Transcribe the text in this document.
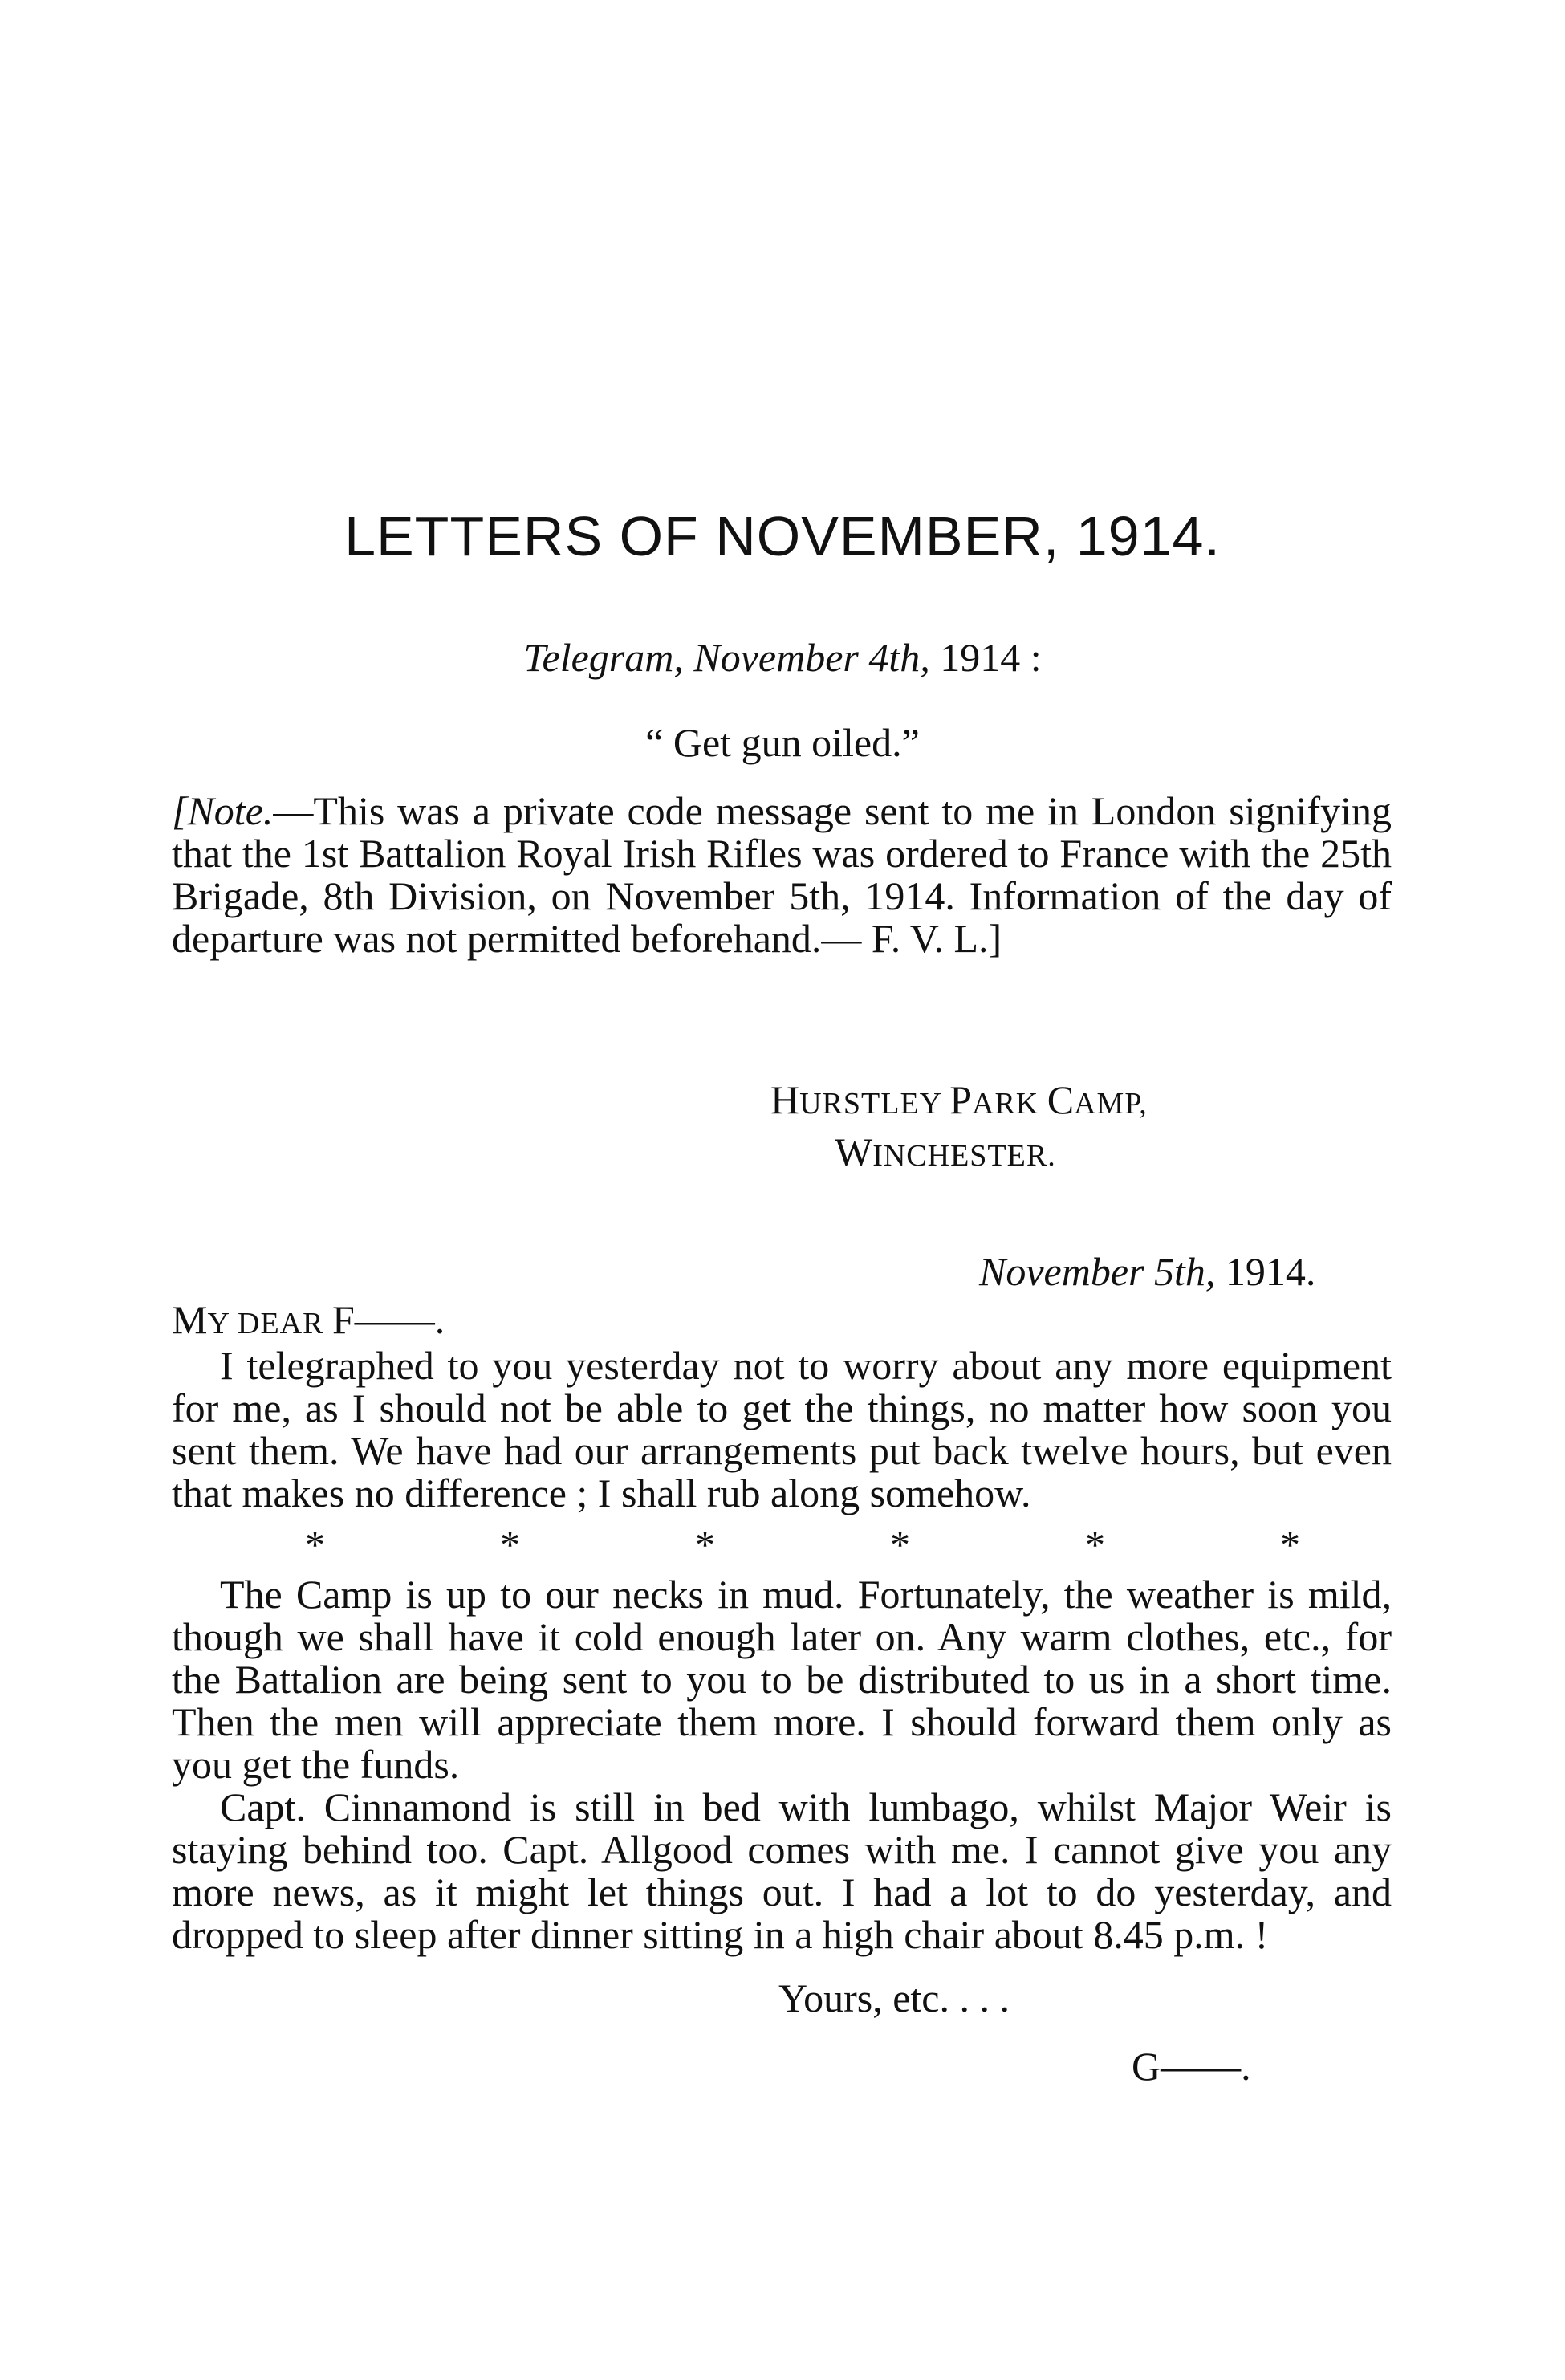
LETTERS OF NOVEMBER, 1914.
Telegram, November 4th, 1914 :
“ Get gun oiled.”
[Note.—This was a private code message sent to me in London signifying that the 1st Battalion Royal Irish Rifles was ordered to France with the 25th Brigade, 8th Division, on November 5th, 1914. Information of the day of departure was not permitted beforehand.— F. V. L.]
HURSTLEY PARK CAMP,
WINCHESTER.
November 5th, 1914.
MY DEAR F——.

I telegraphed to you yesterday not to worry about any more equipment for me, as I should not be able to get the things, no matter how soon you sent them. We have had our arrangements put back twelve hours, but even that makes no difference ; I shall rub along somehow.

*	*	*	*	*	*

The Camp is up to our necks in mud. Fortunately, the weather is mild, though we shall have it cold enough later on. Any warm clothes, etc., for the Battalion are being sent to you to be distributed to us in a short time. Then the men will appreciate them more. I should forward them only as you get the funds.

Capt. Cinnamond is still in bed with lumbago, whilst Major Weir is staying behind too. Capt. Allgood comes with me. I cannot give you any more news, as it might let things out. I had a lot to do yesterday, and dropped to sleep after dinner sitting in a high chair about 8.45 p.m. !

Yours, etc. . . .
G——.
